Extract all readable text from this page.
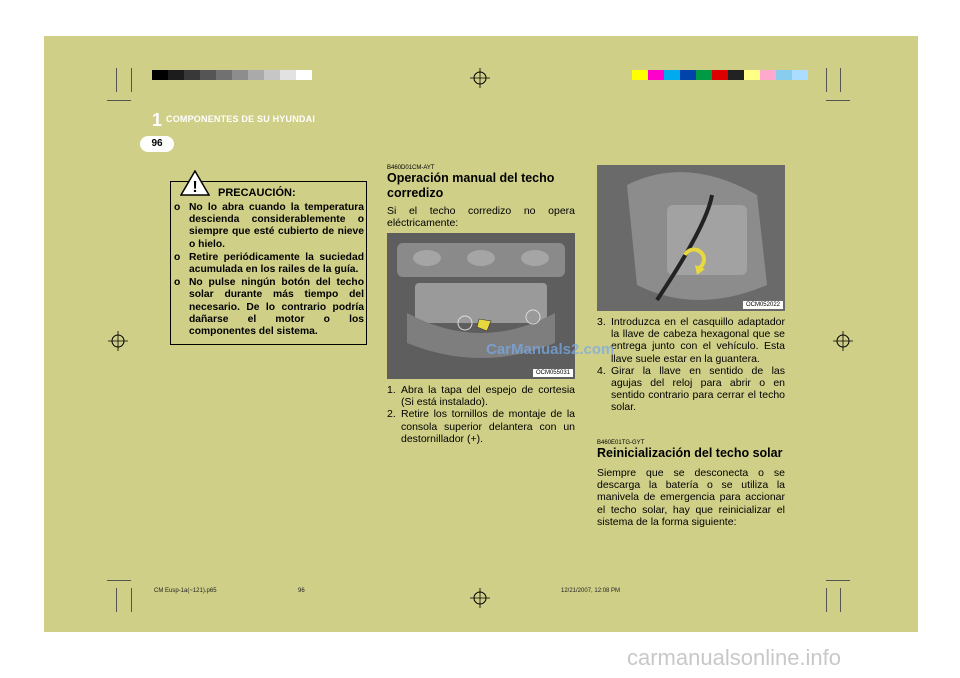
1 COMPONENTES DE SU HYUNDAI
96
! PRECAUCIÓN:
o No lo abra cuando la temperatura descienda considerablemente o siempre que esté cubierto de nieve o hielo.
o Retire periódicamente la suciedad acumulada en los railes de la guía.
o No pulse ningún botón del techo solar durante más tiempo del necesario. De lo contrario podría dañarse el motor o los componentes del sistema.
B460D01CM-AYT
Operación manual del techo corredizo
Si el techo corredizo no opera eléctricamente:
OCM055031
1. Abra la tapa del espejo de cortesia (Si está instalado).
2. Retire los tornillos de montaje de la consola superior delantera con un destornillador (+).
OCM052022
3. Introduzca en el casquillo adaptador la llave de cabeza hexagonal que se entrega junto con el vehículo. Esta llave suele estar en la guantera.
4. Girar la llave en sentido de las agujas del reloj para abrir o en sentido contrario para cerrar el techo solar.
B460E01TG-GYT
Reinicialización del techo solar
Siempre que se desconecta o se descarga la batería o se utiliza la manivela de emergencia para accionar el techo solar, hay que reinicializar el sistema de la forma siguiente:
CarManuals2.com
CM Eusp-1a(~121).p65	96	12/21/2007, 12:08 PM
carmanualsonline.info
